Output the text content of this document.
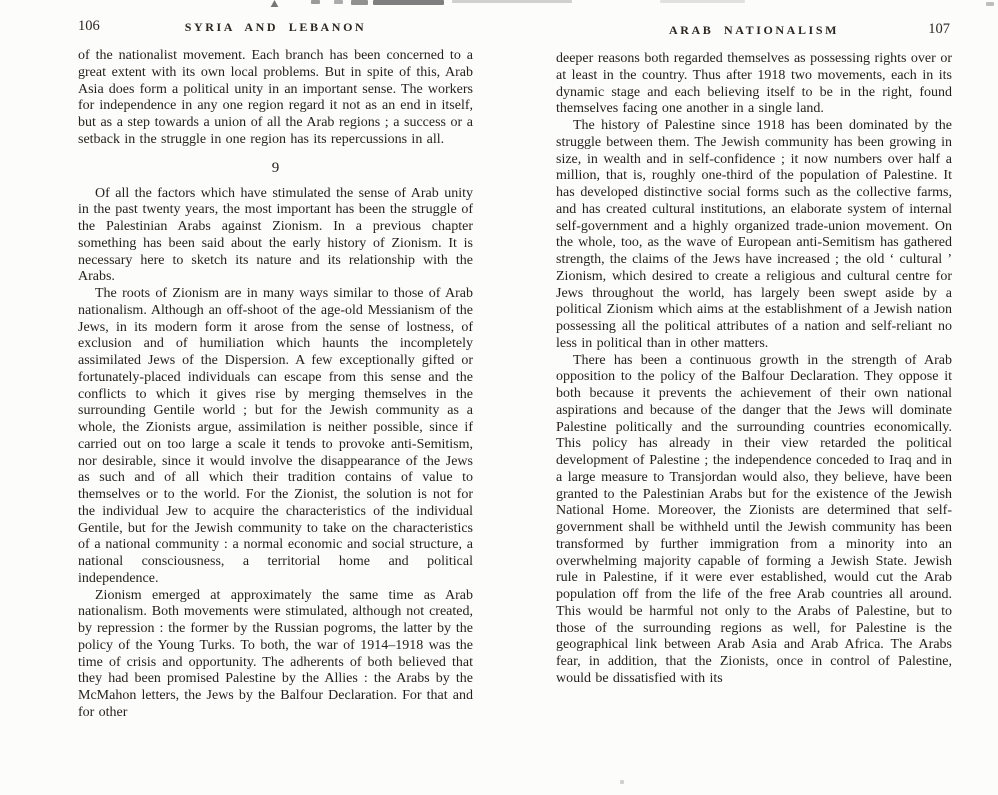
106	SYRIA AND LEBANON

of the nationalist movement. Each branch has been concerned to a great extent with its own local problems. But in spite of this, Arab Asia does form a political unity in an important sense. The workers for independence in any one region regard it not as an end in itself, but as a step towards a union of all the Arab regions ; a success or a setback in the struggle in one region has its repercussions in all.

9

Of all the factors which have stimulated the sense of Arab unity in the past twenty years, the most important has been the struggle of the Palestinian Arabs against Zionism. In a previous chapter something has been said about the early history of Zionism. It is necessary here to sketch its nature and its relationship with the Arabs.

The roots of Zionism are in many ways similar to those of Arab nationalism. Although an off-shoot of the age-old Messianism of the Jews, in its modern form it arose from the sense of lostness, of exclusion and of humiliation which haunts the incompletely assimilated Jews of the Dispersion. A few exceptionally gifted or fortunately-placed individuals can escape from this sense and the conflicts to which it gives rise by merging themselves in the surrounding Gentile world ; but for the Jewish community as a whole, the Zionists argue, assimilation is neither possible, since if carried out on too large a scale it tends to provoke anti-Semitism, nor desirable, since it would involve the disappearance of the Jews as such and of all which their tradition contains of value to themselves or to the world. For the Zionist, the solution is not for the individual Jew to acquire the characteristics of the individual Gentile, but for the Jewish community to take on the characteristics of a national community : a normal economic and social structure, a national consciousness, a territorial home and political independence.

Zionism emerged at approximately the same time as Arab nationalism. Both movements were stimulated, although not created, by repression : the former by the Russian pogroms, the latter by the policy of the Young Turks. To both, the war of 1914–1918 was the time of crisis and opportunity. The adherents of both believed that they had been promised Palestine by the Allies : the Arabs by the McMahon letters, the Jews by the Balfour Declaration. For that and for other

ARAB NATIONALISM	107

deeper reasons both regarded themselves as possessing rights over or at least in the country. Thus after 1918 two movements, each in its dynamic stage and each believing itself to be in the right, found themselves facing one another in a single land.

The history of Palestine since 1918 has been dominated by the struggle between them. The Jewish community has been growing in size, in wealth and in self-confidence ; it now numbers over half a million, that is, roughly one-third of the population of Palestine. It has developed distinctive social forms such as the collective farms, and has created cultural institutions, an elaborate system of internal self-government and a highly organized trade-union movement. On the whole, too, as the wave of European anti-Semitism has gathered strength, the claims of the Jews have increased ; the old ‘ cultural ’ Zionism, which desired to create a religious and cultural centre for Jews throughout the world, has largely been swept aside by a political Zionism which aims at the establishment of a Jewish nation possessing all the political attributes of a nation and self-reliant no less in political than in other matters.

There has been a continuous growth in the strength of Arab opposition to the policy of the Balfour Declaration. They oppose it both because it prevents the achievement of their own national aspirations and because of the danger that the Jews will dominate Palestine politically and the surrounding countries economically. This policy has already in their view retarded the political development of Palestine ; the independence conceded to Iraq and in a large measure to Transjordan would also, they believe, have been granted to the Palestinian Arabs but for the existence of the Jewish National Home. Moreover, the Zionists are determined that self-government shall be withheld until the Jewish community has been transformed by further immigration from a minority into an overwhelming majority capable of forming a Jewish State. Jewish rule in Palestine, if it were ever established, would cut the Arab population off from the life of the free Arab countries all around. This would be harmful not only to the Arabs of Palestine, but to those of the surrounding regions as well, for Palestine is the geographical link between Arab Asia and Arab Africa. The Arabs fear, in addition, that the Zionists, once in control of Palestine, would be dissatisfied with its
